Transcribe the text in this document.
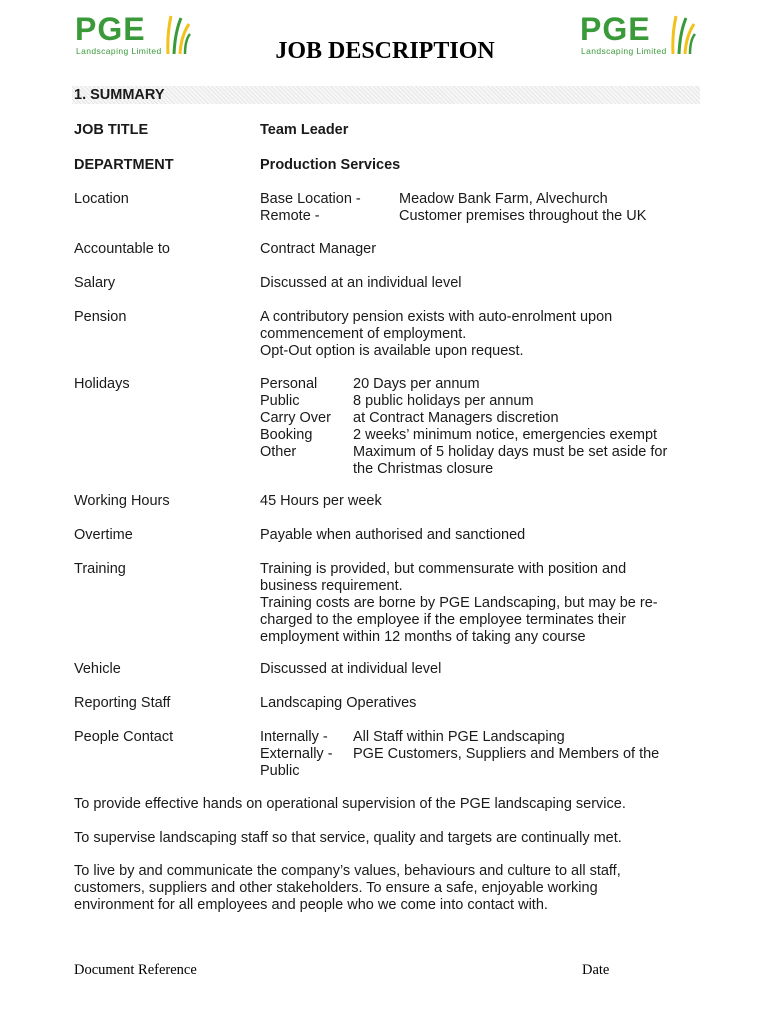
PGE
Landscaping Limited
PGE
Landscaping Limited
JOB DESCRIPTION
1. SUMMARY
JOB TITLE	Team Leader
DEPARTMENT	Production Services
Location	Base Location -	Meadow Bank Farm, Alvechurch
Remote -	Customer premises throughout the UK
Accountable to	Contract Manager
Salary	Discussed at an individual level
Pension	A contributory pension exists with auto-enrolment upon
commencement of employment.
Opt-Out option is available upon request.
Holidays	Personal 20 Days per annum
Public	8 public holidays per annum
Carry Over at Contract Managers discretion
Booking	2 weeks’ minimum notice, emergencies exempt
Other	Maximum of 5 holiday days must be set aside for
the Christmas closure
Working Hours	45 Hours per week
Overtime	Payable when authorised and sanctioned
Training	Training is provided, but commensurate with position and
business requirement.
Training costs are borne by PGE Landscaping, but may be re-
charged to the employee if the employee terminates their
employment within 12 months of taking any course
Vehicle	Discussed at individual level
Reporting Staff	Landscaping Operatives
People Contact	Internally - All Staff within PGE Landscaping
Externally - PGE Customers, Suppliers and Members of the
Public
To provide effective hands on operational supervision of the PGE landscaping service.
To supervise landscaping staff so that service, quality and targets are continually met.
To live by and communicate the company’s values, behaviours and culture to all staff,
customers, suppliers and other stakeholders. To ensure a safe, enjoyable working
environment for all employees and people who we come into contact with.
Document Reference	Date
